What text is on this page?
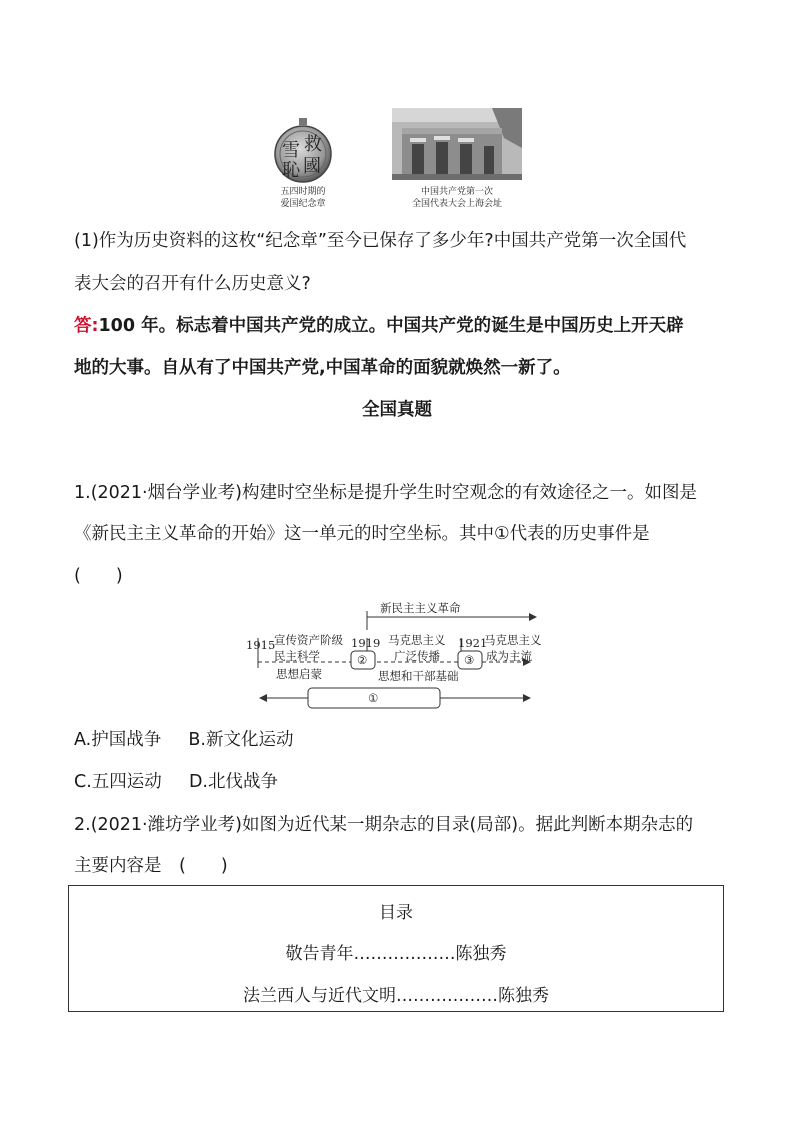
救
雪
國
恥
五四时期的
爱国纪念章
中国共产党第一次
全国代表大会上海会址
(1)作为历史资料的这枚“纪念章”至今已保存了多少年?中国共产党第一次全国代
表大会的召开有什么历史意义?
答:100 年。标志着中国共产党的成立。中国共产党的诞生是中国历史上开天辟
地的大事。自从有了中国共产党,中国革命的面貌就焕然一新了。
全国真题
1.(2021·烟台学业考)构建时空坐标是提升学生时空观念的有效途径之一。如图是
《新民主主义革命的开始》这一单元的时空坐标。其中①代表的历史事件是
(　　)
新民主主义革命
1915
宣传资产阶级
民主科学
思想启蒙
1919
②
马克思主义
广泛传播
思想和干部基础
1921
③
马克思主义
成为主流
①
A.护国战争 B.新文化运动
C.五四运动 D.北伐战争
2.(2021·潍坊学业考)如图为近代某一期杂志的目录(局部)。据此判断本期杂志的
主要内容是　(　　)
目录
敬告青年………………陈独秀
法兰西人与近代文明………………陈独秀
